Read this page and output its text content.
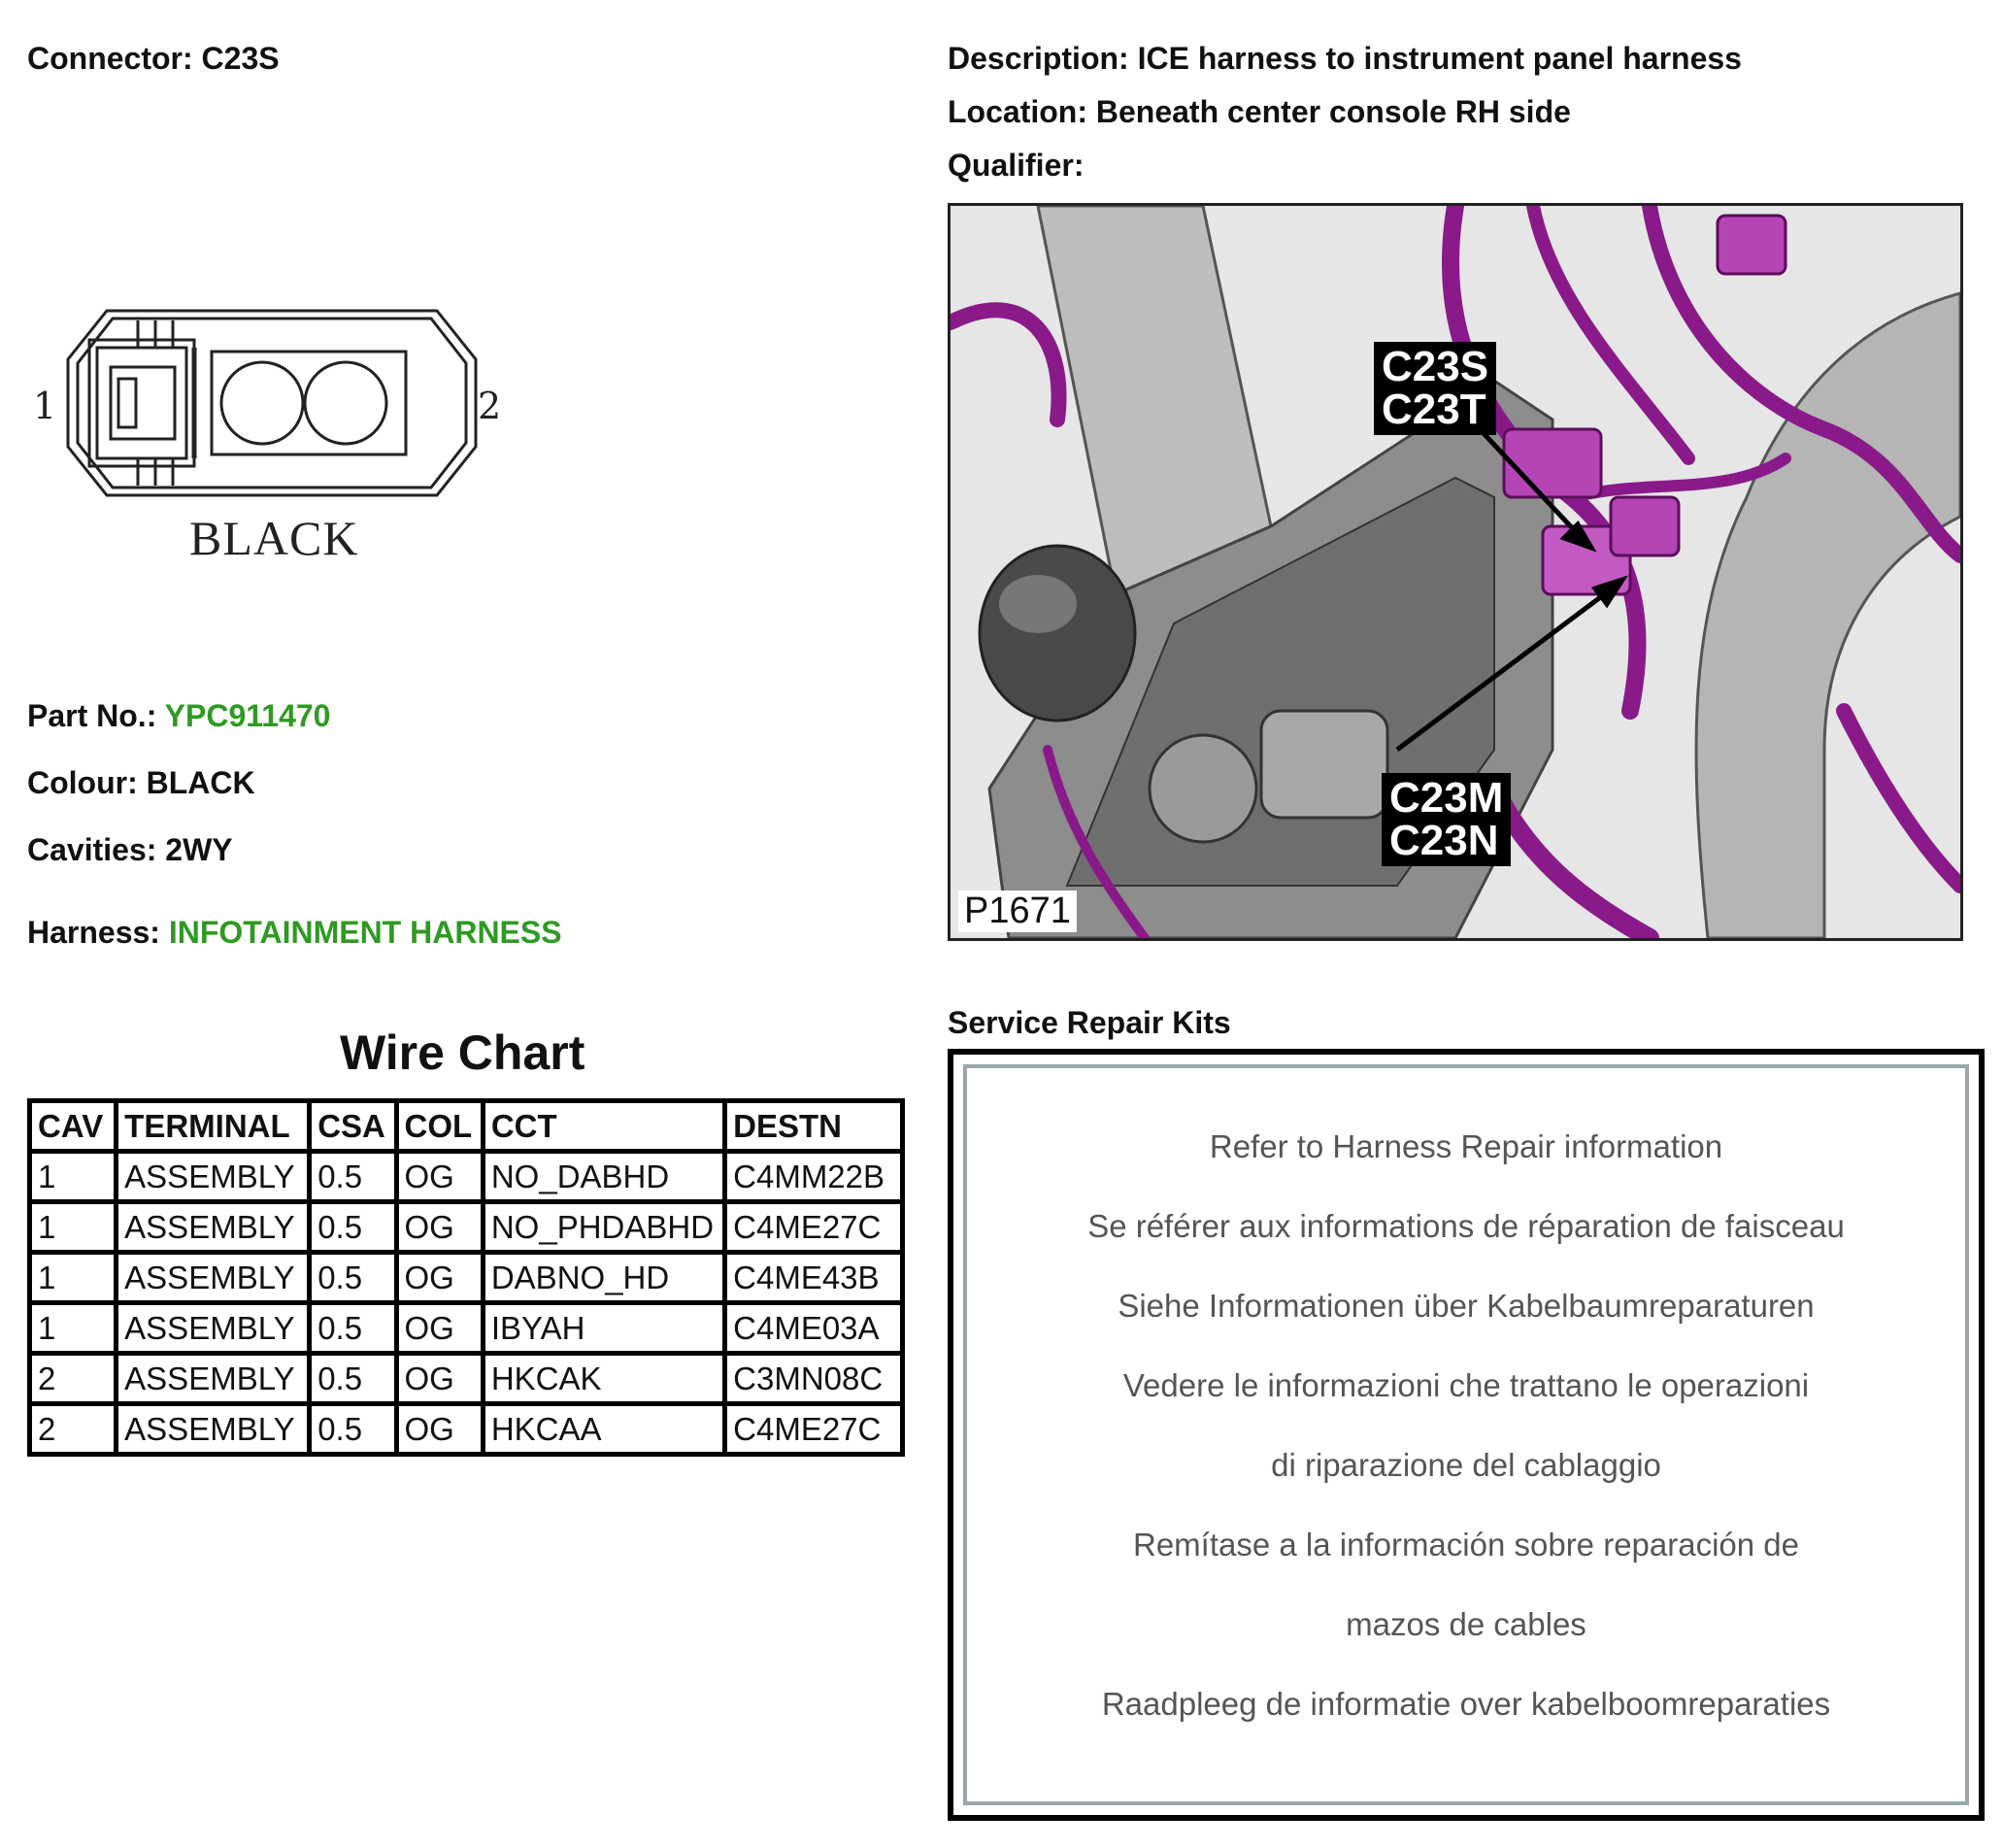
Connector: C23S
1	2
BLACK
Part No.: YPC911470
Colour: BLACK
Cavities: 2WY
Harness: INFOTAINMENT HARNESS
Wire Chart
CAV	TERMINAL	CSA	COL	CCT	DESTN
1	ASSEMBLY	0.5	OG	NO_DABHD	C4MM22B
1	ASSEMBLY	0.5	OG	NO_PHDABHD	C4ME27C
1	ASSEMBLY	0.5	OG	DABNO_HD	C4ME43B
1	ASSEMBLY	0.5	OG	IBYAH	C4ME03A
2	ASSEMBLY	0.5	OG	HKCAK	C3MN08C
2	ASSEMBLY	0.5	OG	HKCAA	C4ME27C
Description: ICE harness to instrument panel harness
Location: Beneath center console RH side
Qualifier:
C23S
C23T
C23M
C23N
P1671
Service Repair Kits
Refer to Harness Repair information
Se référer aux informations de réparation de faisceau
Siehe Informationen über Kabelbaumreparaturen
Vedere le informazioni che trattano le operazioni
di riparazione del cablaggio
Remítase a la información sobre reparación de
mazos de cables
Raadpleeg de informatie over kabelboomreparaties
